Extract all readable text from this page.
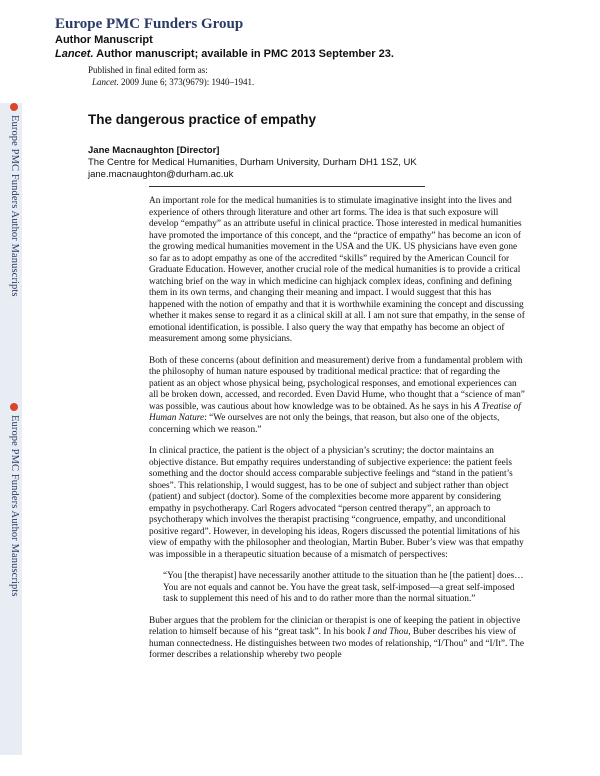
Europe PMC Funders Group
Author Manuscript
Lancet. Author manuscript; available in PMC 2013 September 23.
Published in final edited form as:
Lancet. 2009 June 6; 373(9679): 1940–1941.
Europe PMC Funders Author Manuscripts
Europe PMC Funders Author Manuscripts
The dangerous practice of empathy
Jane Macnaughton [Director]
The Centre for Medical Humanities, Durham University, Durham DH1 1SZ, UK
jane.macnaughton@durham.ac.uk

An important role for the medical humanities is to stimulate imaginative insight into the lives and experience of others through literature and other art forms. The idea is that such exposure will develop “empathy” as an attribute useful in clinical practice. Those interested in medical humanities have promoted the importance of this concept, and the “practice of empathy” has become an icon of the growing medical humanities movement in the USA and the UK. US physicians have even gone so far as to adopt empathy as one of the accredited “skills” required by the American Council for Graduate Education. However, another crucial role of the medical humanities is to provide a critical watching brief on the way in which medicine can highjack complex ideas, confining and defining them in its own terms, and changing their meaning and impact. I would suggest that this has happened with the notion of empathy and that it is worthwhile examining the concept and discussing whether it makes sense to regard it as a clinical skill at all. I am not sure that empathy, in the sense of emotional identification, is possible. I also query the way that empathy has become an object of measurement among some physicians.

Both of these concerns (about definition and measurement) derive from a fundamental problem with the philosophy of human nature espoused by traditional medical practice: that of regarding the patient as an object whose physical being, psychological responses, and emotional experiences can all be broken down, accessed, and recorded. Even David Hume, who thought that a “science of man” was possible, was cautious about how knowledge was to be obtained. As he says in his A Treatise of Human Nature: “We ourselves are not only the beings, that reason, but also one of the objects, concerning which we reason.”

In clinical practice, the patient is the object of a physician’s scrutiny; the doctor maintains an objective distance. But empathy requires understanding of subjective experience: the patient feels something and the doctor should access comparable subjective feelings and “stand in the patient’s shoes”. This relationship, I would suggest, has to be one of subject and subject rather than object (patient) and subject (doctor). Some of the complexities become more apparent by considering empathy in psychotherapy. Carl Rogers advocated “person centred therapy”, an approach to psychotherapy which involves the therapist practising “congruence, empathy, and unconditional positive regard”. However, in developing his ideas, Rogers discussed the potential limitations of his view of empathy with the philosopher and theologian, Martin Buber. Buber’s view was that empathy was impossible in a therapeutic situation because of a mismatch of perspectives:

“You [the therapist] have necessarily another attitude to the situation than he [the patient] does…You are not equals and cannot be. You have the great task, self-imposed—a great self-imposed task to supplement this need of his and to do rather more than the normal situation.”

Buber argues that the problem for the clinician or therapist is one of keeping the patient in objective relation to himself because of his “great task”. In his book I and Thou, Buber describes his view of human connectedness. He distinguishes between two modes of relationship, “I/Thou” and “I/It”. The former describes a relationship whereby two people
